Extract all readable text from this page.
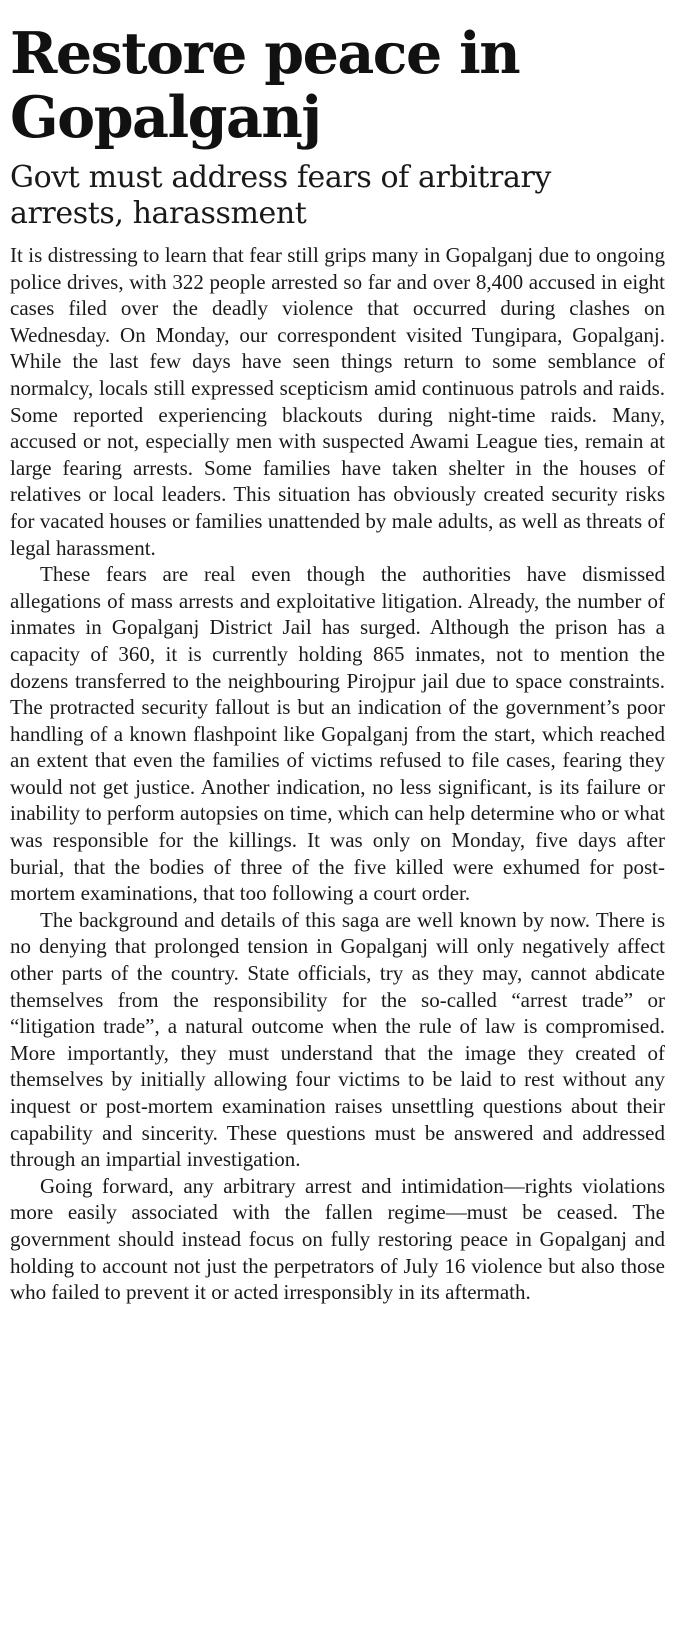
Restore peace in Gopalganj
Govt must address fears of arbitrary arrests, harassment

It is distressing to learn that fear still grips many in Gopalganj due to ongoing police drives, with 322 people arrested so far and over 8,400 accused in eight cases filed over the deadly violence that occurred during clashes on Wednesday. On Monday, our correspondent visited Tungipara, Gopalganj. While the last few days have seen things return to some semblance of normalcy, locals still expressed scepticism amid continuous patrols and raids. Some reported experiencing blackouts during night-time raids. Many, accused or not, especially men with suspected Awami League ties, remain at large fearing arrests. Some families have taken shelter in the houses of relatives or local leaders. This situation has obviously created security risks for vacated houses or families unattended by male adults, as well as threats of legal harassment.

These fears are real even though the authorities have dismissed allegations of mass arrests and exploitative litigation. Already, the number of inmates in Gopalganj District Jail has surged. Although the prison has a capacity of 360, it is currently holding 865 inmates, not to mention the dozens transferred to the neighbouring Pirojpur jail due to space constraints. The protracted security fallout is but an indication of the government’s poor handling of a known flashpoint like Gopalganj from the start, which reached an extent that even the families of victims refused to file cases, fearing they would not get justice. Another indication, no less significant, is its failure or inability to perform autopsies on time, which can help determine who or what was responsible for the killings. It was only on Monday, five days after burial, that the bodies of three of the five killed were exhumed for post-mortem examinations, that too following a court order.

The background and details of this saga are well known by now. There is no denying that prolonged tension in Gopalganj will only negatively affect other parts of the country. State officials, try as they may, cannot abdicate themselves from the responsibility for the so-called “arrest trade” or “litigation trade”, a natural outcome when the rule of law is compromised. More importantly, they must understand that the image they created of themselves by initially allowing four victims to be laid to rest without any inquest or post-mortem examination raises unsettling questions about their capability and sincerity. These questions must be answered and addressed through an impartial investigation.

Going forward, any arbitrary arrest and intimidation—rights violations more easily associated with the fallen regime—must be ceased. The government should instead focus on fully restoring peace in Gopalganj and holding to account not just the perpetrators of July 16 violence but also those who failed to prevent it or acted irresponsibly in its aftermath.
